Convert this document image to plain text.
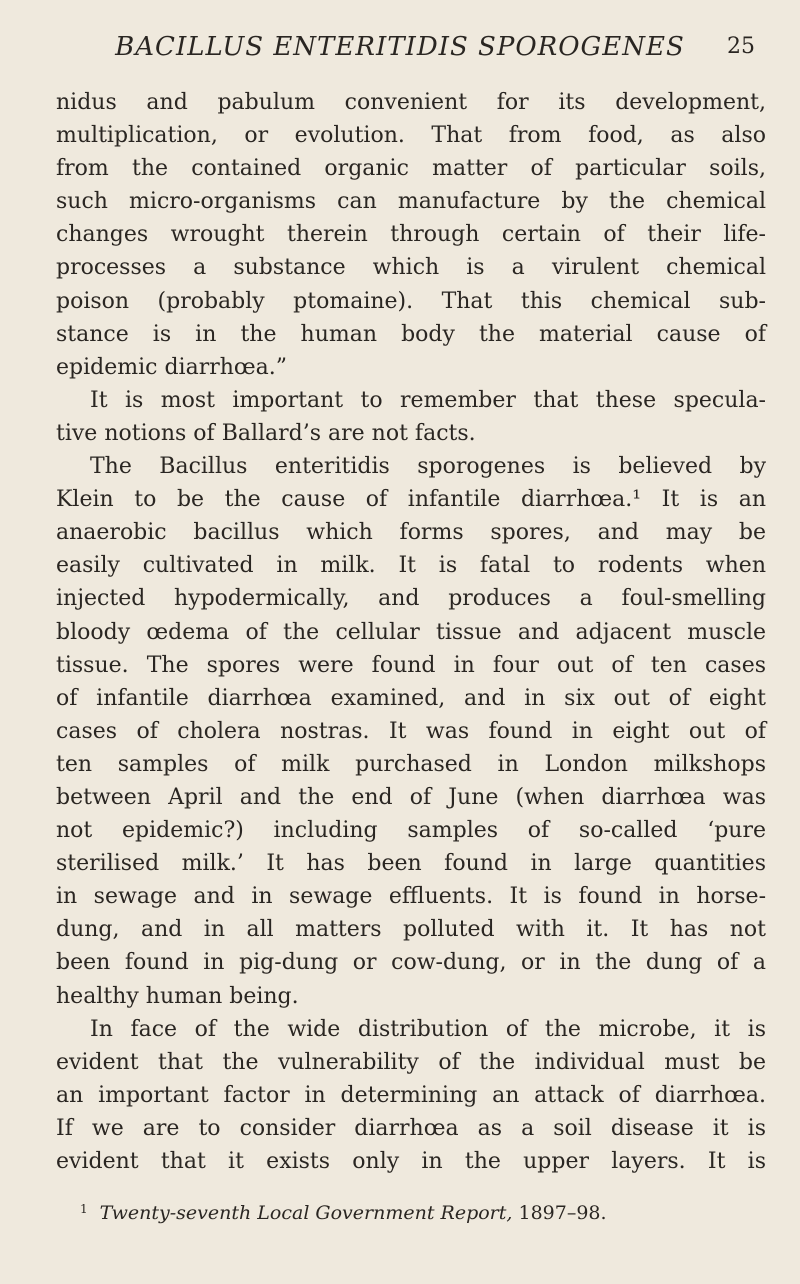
BACILLUS ENTERITIDIS SPOROGENES	25
nidus and pabulum convenient for its development,
multiplication, or evolution. That from food, as also
from the contained organic matter of particular soils,
such micro-organisms can manufacture by the chemical
changes wrought therein through certain of their life-
processes a substance which is a virulent chemical
poison (probably ptomaine). That this chemical sub-
stance is in the human body the material cause of
epidemic diarrhœa.”
It is most important to remember that these specula-
tive notions of Ballard’s are not facts.
The Bacillus enteritidis sporogenes is believed by
Klein to be the cause of infantile diarrhœa.¹ It is an
anaerobic bacillus which forms spores, and may be
easily cultivated in milk. It is fatal to rodents when
injected hypodermically, and produces a foul-smelling
bloody œdema of the cellular tissue and adjacent muscle
tissue. The spores were found in four out of ten cases
of infantile diarrhœa examined, and in six out of eight
cases of cholera nostras. It was found in eight out of
ten samples of milk purchased in London milkshops
between April and the end of June (when diarrhœa was
not epidemic?) including samples of so-called ‘pure
sterilised milk.’ It has been found in large quantities
in sewage and in sewage effluents. It is found in horse-
dung, and in all matters polluted with it. It has not
been found in pig-dung or cow-dung, or in the dung of a
healthy human being.
In face of the wide distribution of the microbe, it is
evident that the vulnerability of the individual must be
an important factor in determining an attack of diarrhœa.
If we are to consider diarrhœa as a soil disease it is
evident that it exists only in the upper layers. It is
$^1$ Twenty-seventh Local Government Report, 1897–98.
